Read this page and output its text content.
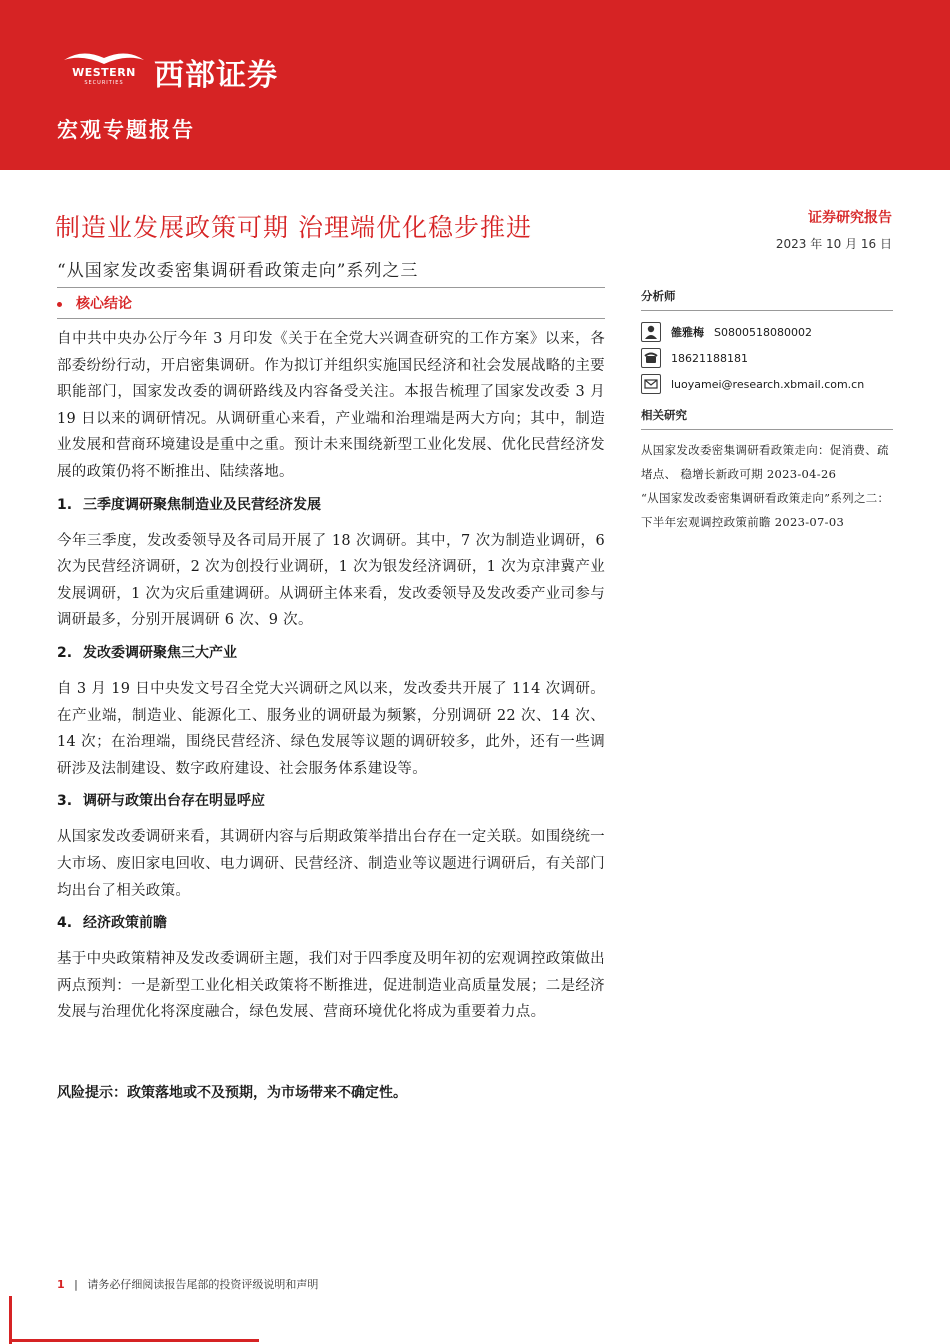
WESTERN
SECURITIES	西部证券
宏观专题报告
制造业发展政策可期 治理端优化稳步推进
“从国家发改委密集调研看政策走向”系列之三
证券研究报告
2023 年 10 月 16 日
核心结论

自中共中央办公厅今年 3 月印发《关于在全党大兴调查研究的工作方案》以来，各部委纷纷行动，开启密集调研。作为拟订并组织实施国民经济和社会发展战略的主要职能部门，国家发改委的调研路线及内容备受关注。本报告梳理了国家发改委 3 月 19 日以来的调研情况。从调研重心来看，产业端和治理端是两大方向；其中，制造业发展和营商环境建设是重中之重。预计未来围绕新型工业化发展、优化民营经济发展的政策仍将不断推出、陆续落地。

1. 三季度调研聚焦制造业及民营经济发展

今年三季度，发改委领导及各司局开展了 18 次调研。其中，7 次为制造业调研，6 次为民营经济调研，2 次为创投行业调研，1 次为银发经济调研，1 次为京津冀产业发展调研，1 次为灾后重建调研。从调研主体来看，发改委领导及发改委产业司参与调研最多，分别开展调研 6 次、9 次。

2. 发改委调研聚焦三大产业

自 3 月 19 日中央发文号召全党大兴调研之风以来，发改委共开展了 114 次调研。在产业端，制造业、能源化工、服务业的调研最为频繁，分别调研 22 次、14 次、14 次；在治理端，围绕民营经济、绿色发展等议题的调研较多，此外，还有一些调研涉及法制建设、数字政府建设、社会服务体系建设等。

3. 调研与政策出台存在明显呼应

从国家发改委调研来看，其调研内容与后期政策举措出台存在一定关联。如围绕统一大市场、废旧家电回收、电力调研、民营经济、制造业等议题进行调研后，有关部门均出台了相关政策。

4. 经济政策前瞻

基于中央政策精神及发改委调研主题，我们对于四季度及明年初的宏观调控政策做出两点预判：一是新型工业化相关政策将不断推进，促进制造业高质量发展；二是经济发展与治理优化将深度融合，绿色发展、营商环境优化将成为重要着力点。

风险提示：政策落地或不及预期，为市场带来不确定性。
分析师
雒雅梅 S0800518080002
18621188181
luoyamei@research.xbmail.com.cn
相关研究
从国家发改委密集调研看政策走向：促消费、疏堵点、 稳增长新政可期 2023-04-26
“从国家发改委密集调研看政策走向”系列之二：下半年宏观调控政策前瞻 2023-07-03
1 | 请务必仔细阅读报告尾部的投资评级说明和声明
